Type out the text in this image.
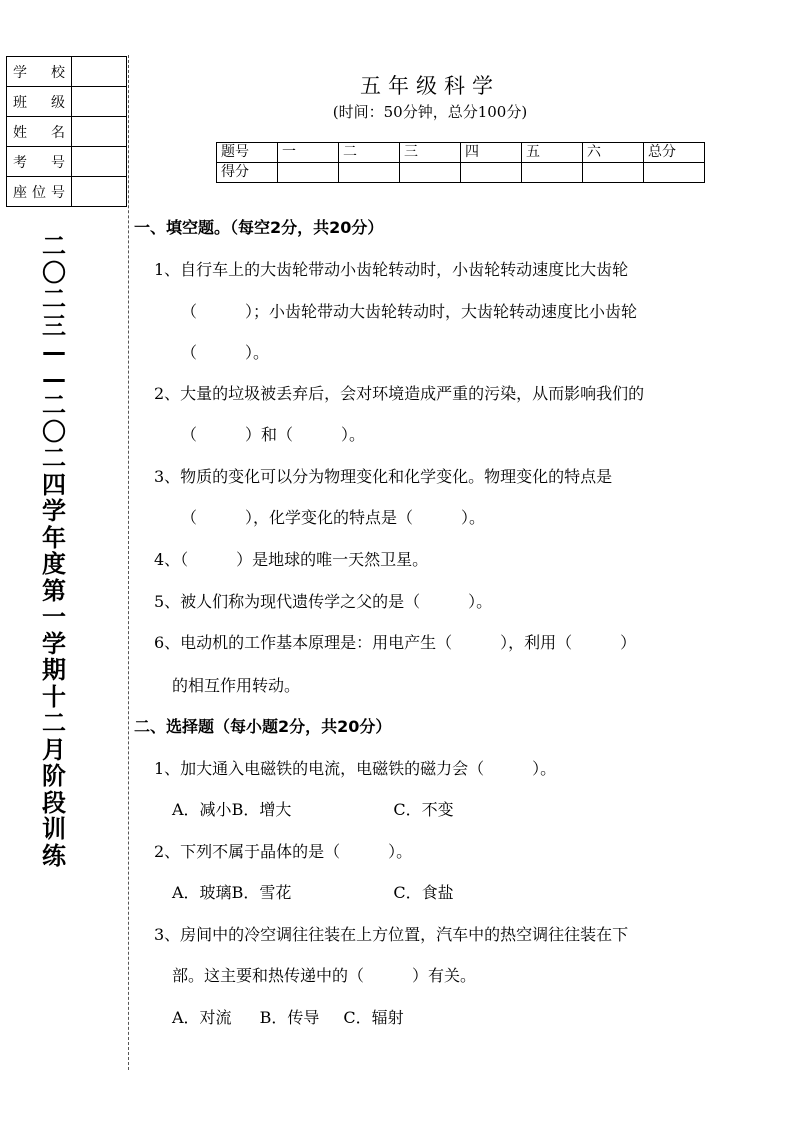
学　校	
班　级	
姓　名	
考　号	
座位号	
二
〇
二
三
—
—
二
〇
二
四
学
年
度
第
一
学
期
十
二
月
阶
段
训
练
五年级科学
(时间：50分钟，总分100分)
题号	一	二	三	四	五	六	总分
得分							
一、填空题。（每空2分，共20分）
1、自行车上的大齿轮带动小齿轮转动时，小齿轮转动速度比大齿轮
（　　　）；小齿轮带动大齿轮转动时，大齿轮转动速度比小齿轮
（　　　）。
2、大量的垃圾被丢弃后，会对环境造成严重的污染，从而影响我们的
（　　　）和（　　　）。
3、物质的变化可以分为物理变化和化学变化。物理变化的特点是
（　　　），化学变化的特点是（　　　）。
4、（　　　）是地球的唯一天然卫星。
5、被人们称为现代遗传学之父的是（　　　）。
6、电动机的工作基本原理是：用电产生（　　　），利用（　　　）
的相互作用转动。
二、选择题（每小题2分，共20分）
1、加大通入电磁铁的电流，电磁铁的磁力会（　　　）。
A．减小B．增大	C．不变
2、下列不属于晶体的是（　　　）。
A．玻璃B．雪花	C．食盐
3、房间中的冷空调往往装在上方位置，汽车中的热空调往往装在下
部。这主要和热传递中的（　　　）有关。
A．对流 B．传导 C．辐射
